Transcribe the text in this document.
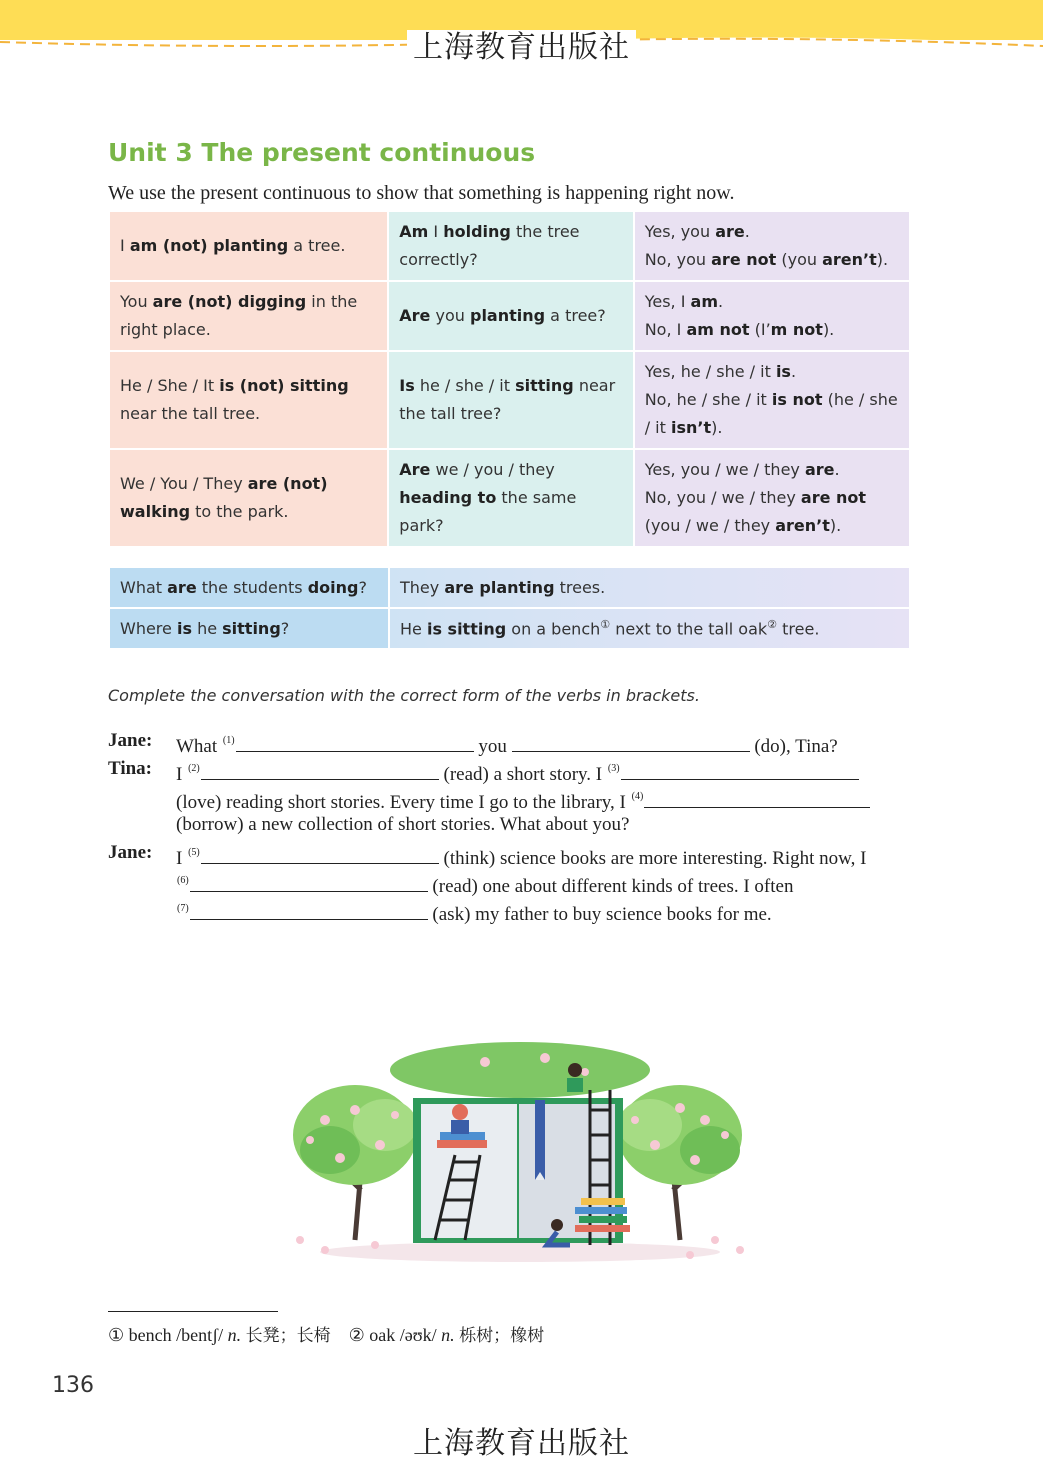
上海教育出版社
Unit 3 The present continuous
We use the present continuous to show that something is happening right now.
I am (not) planting a tree.	Am I holding the tree correctly?	Yes, you are.
No, you are not (you aren’t).

You are (not) digging in the right place.	Are you planting a tree?	Yes, I am.
No, I am not (I’m not).

He / She / It is (not) sitting near the tall tree.	Is he / she / it sitting near the tall tree?	Yes, he / she / it is.
No, he / she / it is not (he / she / it isn’t).

We / You / They are (not) walking to the park.	Are we / you / they heading to the same park?	Yes, you / we / they are.
No, you / we / they are not (you / we / they aren’t).
What are the students doing?	They are planting trees.
Where is he sitting?	He is sitting on a bench① next to the tall oak② tree.
Complete the conversation with the correct form of the verbs in brackets.
Jane: What $^{(1)}$	you	(do), Tina?
Tina: I $^{(2)}$	(read) a short story. I $^{(3)}$
(love) reading short stories. Every time I go to the library, I $^{(4)}$
(borrow) a new collection of short stories. What about you?
Jane: I $^{(5)}$	(think) science books are more interesting. Right now, I
$^{(6)}$	(read) one about different kinds of trees. I often
$^{(7)}$	(ask) my father to buy science books for me.
① bench /bentʃ/ n. 长凳；长椅 ② oak /əʊk/ n. 栎树；橡树
136
上海教育出版社
